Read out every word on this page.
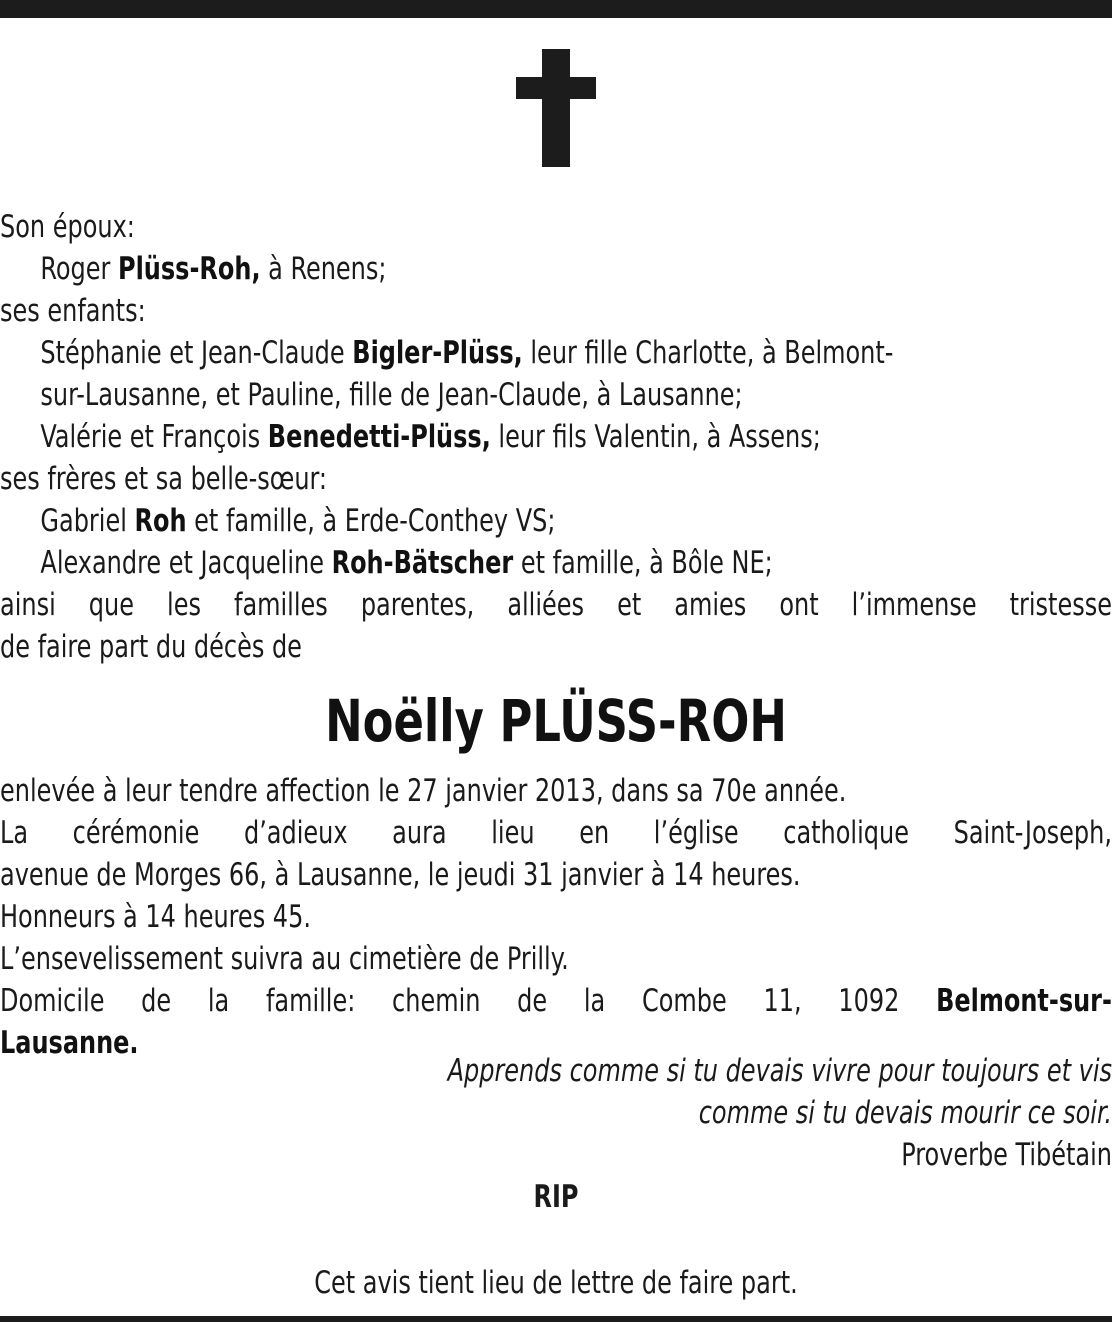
Son époux:
Roger Plüss-Roh, à Renens;
ses enfants:
Stéphanie et Jean-Claude Bigler-Plüss, leur fille Charlotte, à Belmont-
sur-Lausanne, et Pauline, fille de Jean-Claude, à Lausanne;
Valérie et François Benedetti-Plüss, leur fils Valentin, à Assens;
ses frères et sa belle-sœur:
Gabriel Roh et famille, à Erde-Conthey VS;
Alexandre et Jacqueline Roh-Bätscher et famille, à Bôle NE;
ainsi que les familles parentes, alliées et amies ont l’immense tristesse
de faire part du décès de
Noëlly PLÜSS-ROH
enlevée à leur tendre affection le 27 janvier 2013, dans sa 70e année.
La cérémonie d’adieux aura lieu en l’église catholique Saint-Joseph,
avenue de Morges 66, à Lausanne, le jeudi 31 janvier à 14 heures.
Honneurs à 14 heures 45.
L’ensevelissement suivra au cimetière de Prilly.
Domicile de la famille: chemin de la Combe 11, 1092 Belmont-sur-
Lausanne.
Apprends comme si tu devais vivre pour toujours et vis
comme si tu devais mourir ce soir.
Proverbe Tibétain
RIP
Cet avis tient lieu de lettre de faire part.
